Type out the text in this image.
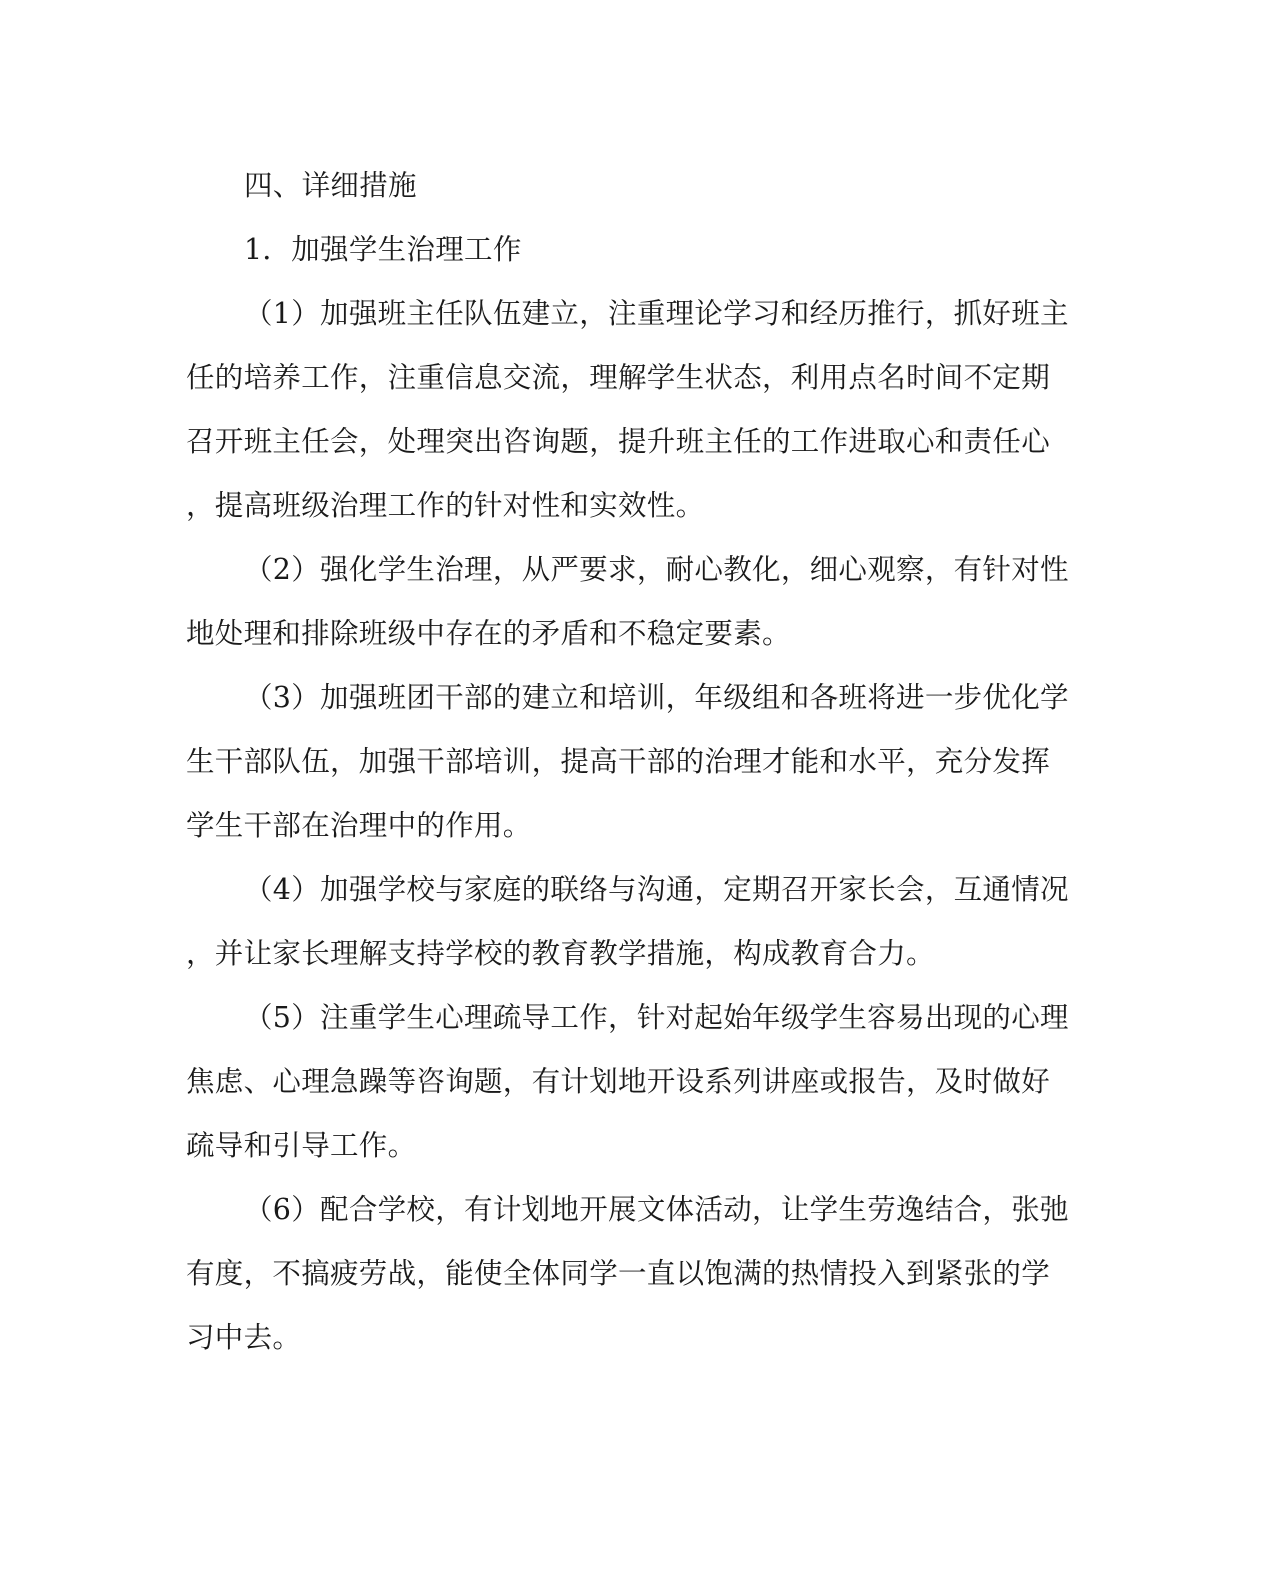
四、详细措施
1．加强学生治理工作
（1）加强班主任队伍建立，注重理论学习和经历推行，抓好班主
任的培养工作，注重信息交流，理解学生状态，利用点名时间不定期
召开班主任会，处理突出咨询题，提升班主任的工作进取心和责任心
，提高班级治理工作的针对性和实效性。
（2）强化学生治理，从严要求，耐心教化，细心观察，有针对性
地处理和排除班级中存在的矛盾和不稳定要素。
（3）加强班团干部的建立和培训，年级组和各班将进一步优化学
生干部队伍，加强干部培训，提高干部的治理才能和水平，充分发挥
学生干部在治理中的作用。
（4）加强学校与家庭的联络与沟通，定期召开家长会，互通情况
，并让家长理解支持学校的教育教学措施，构成教育合力。
（5）注重学生心理疏导工作，针对起始年级学生容易出现的心理
焦虑、心理急躁等咨询题，有计划地开设系列讲座或报告，及时做好
疏导和引导工作。
（6）配合学校，有计划地开展文体活动，让学生劳逸结合，张弛
有度，不搞疲劳战，能使全体同学一直以饱满的热情投入到紧张的学
习中去。
